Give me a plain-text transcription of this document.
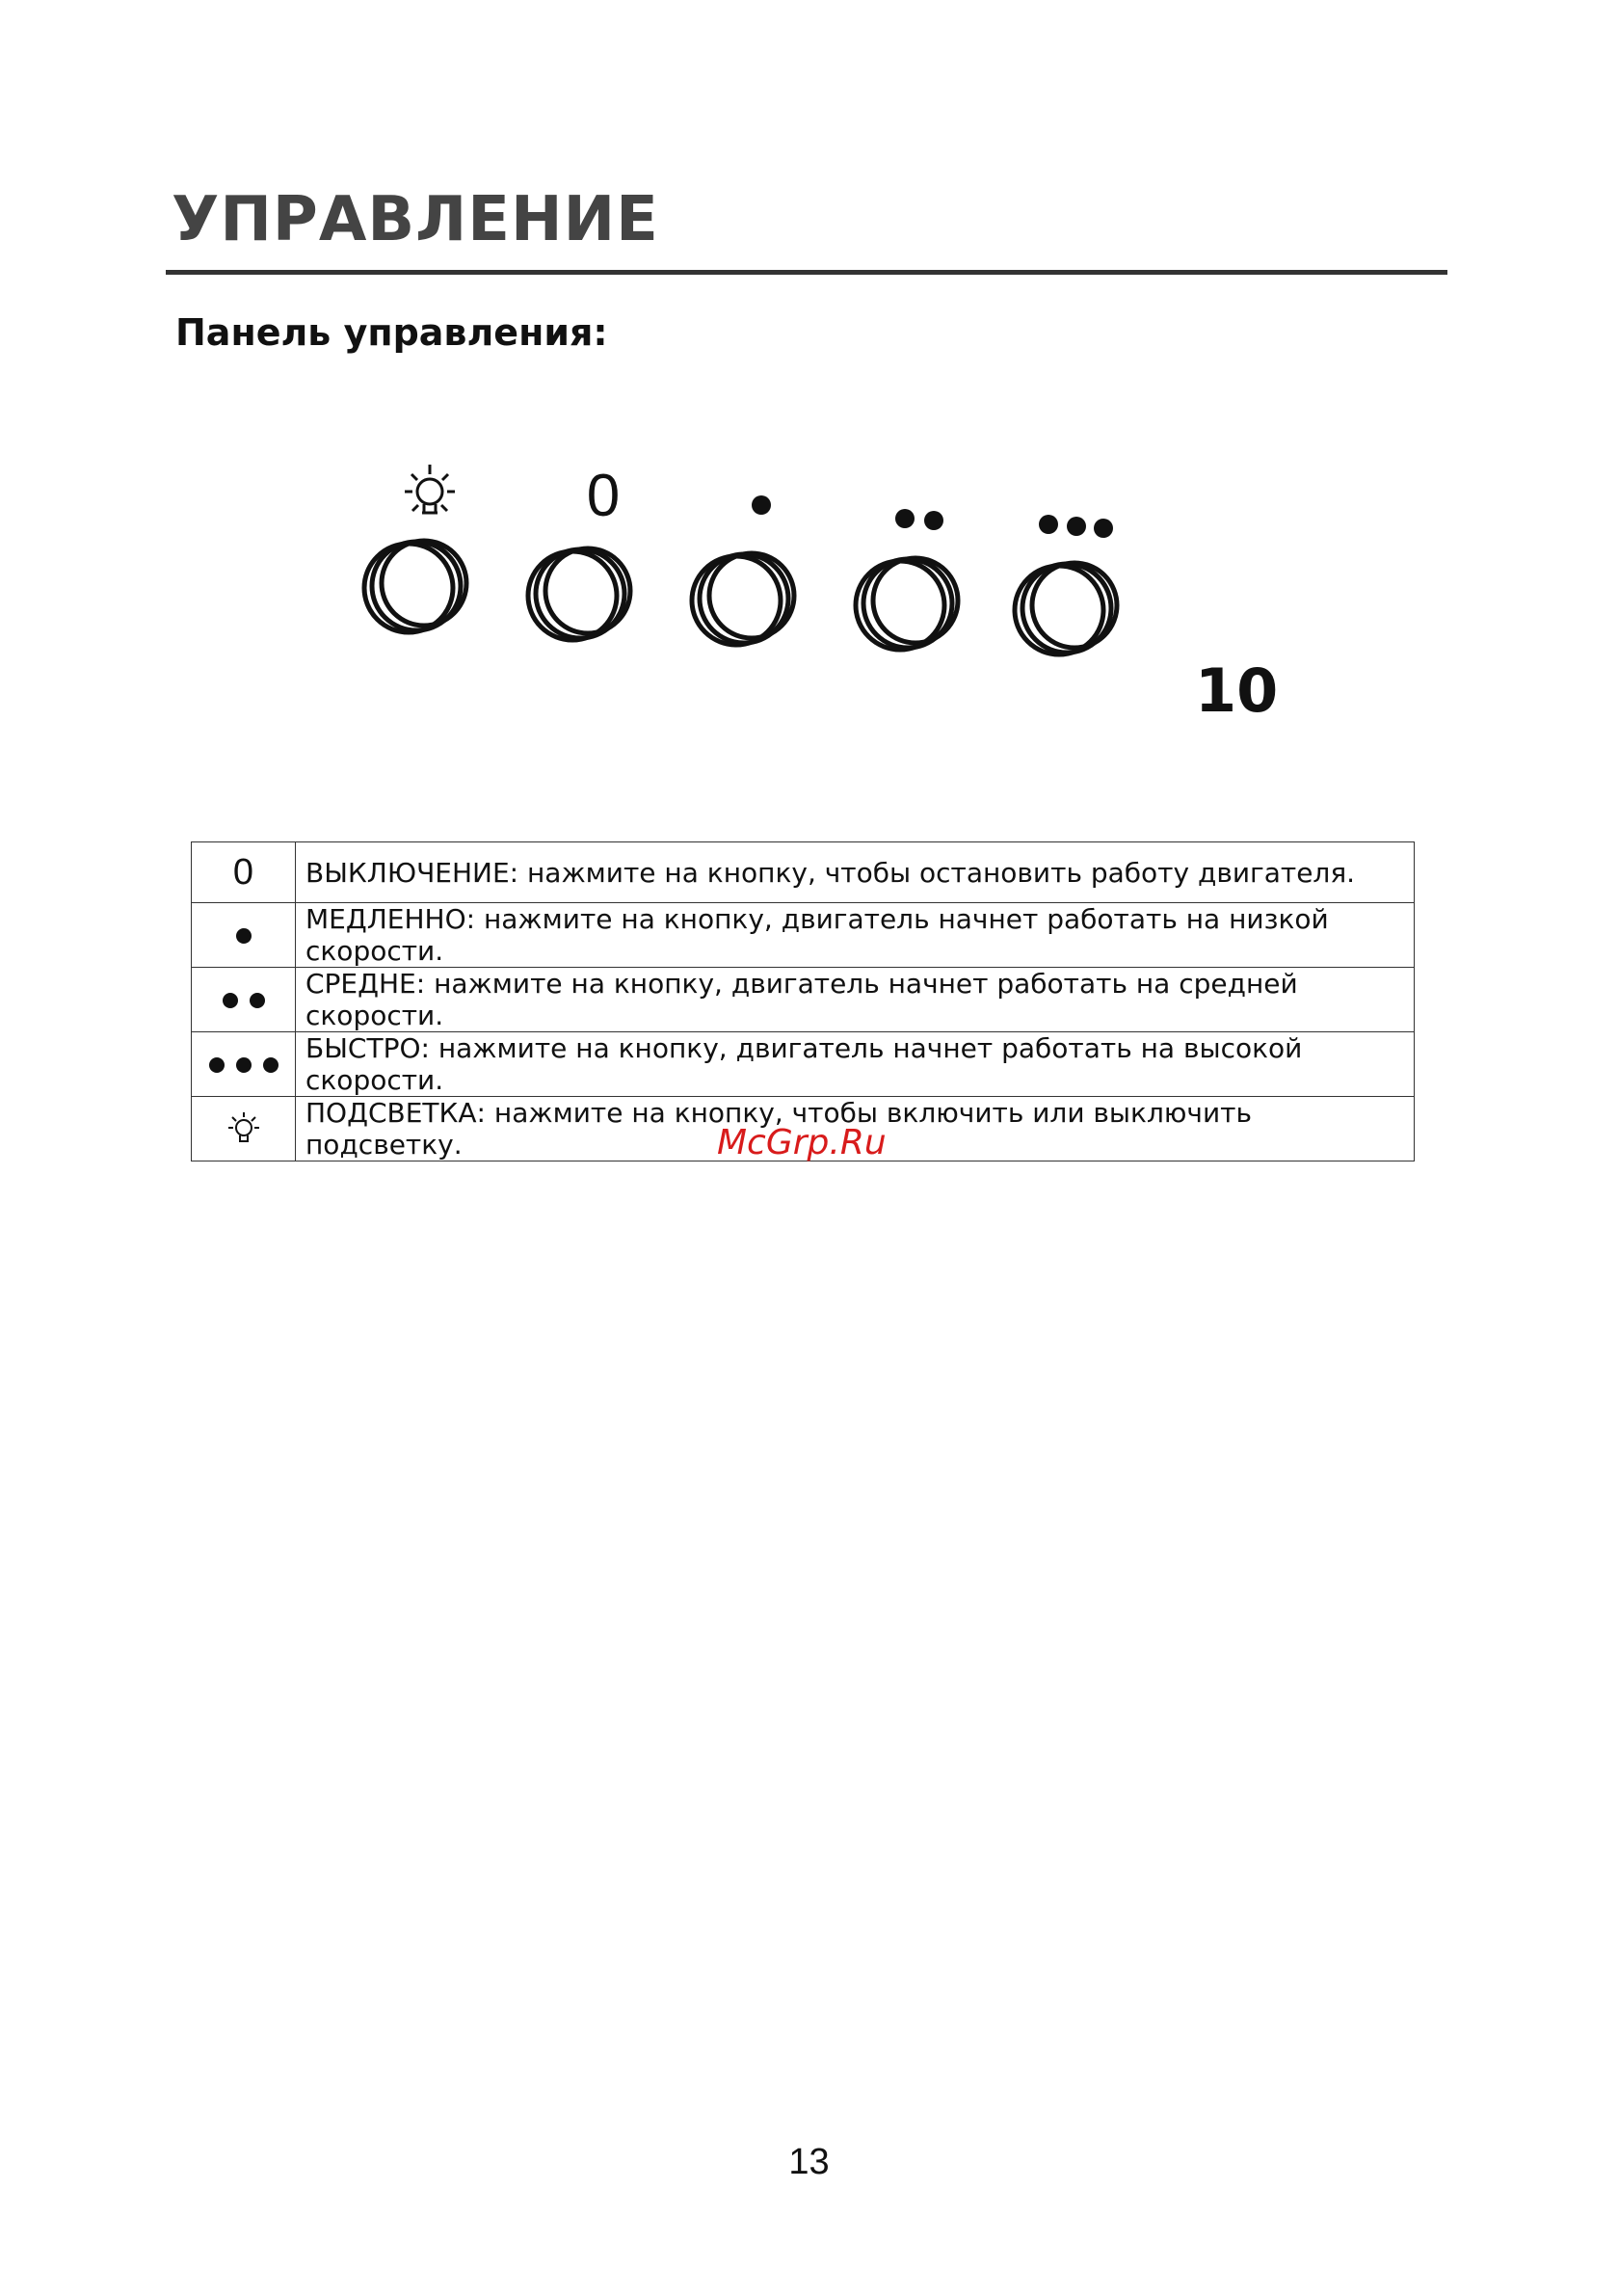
УПРАВЛЕНИЕ
Панель управления:
0
10
0	ВЫКЛЮЧЕНИЕ: нажмите на кнопку, чтобы остановить работу двигателя.
	МЕДЛЕННО: нажмите на кнопку, двигатель начнет работать на низкой скорости.
	СРЕДНЕ: нажмите на кнопку, двигатель начнет работать на средней скорости.
	БЫСТРО: нажмите на кнопку, двигатель начнет работать на высокой скорости.
	ПОДСВЕТКА: нажмите на кнопку, чтобы включить или выключить подсветку.	McGrp.Ru
13
